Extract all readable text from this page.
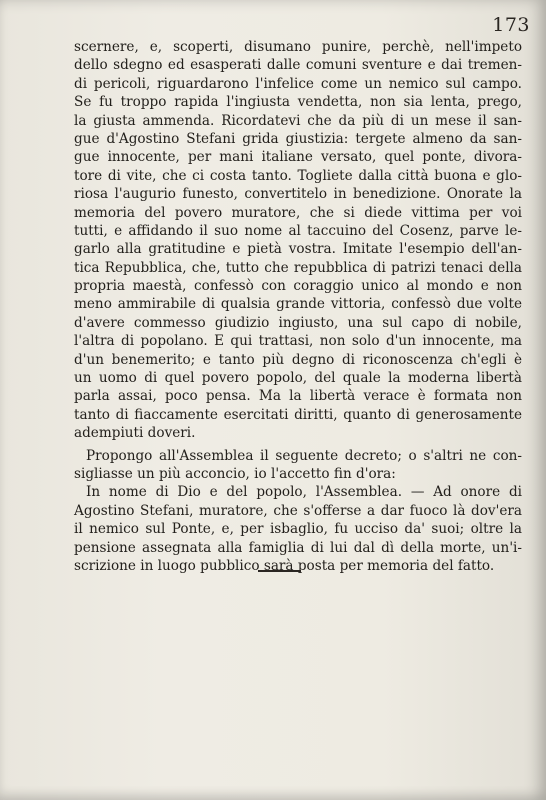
173
scernere, e, scoperti, disumano punire, perchè, nell'impeto
dello sdegno ed esasperati dalle comuni sventure e dai tremen-
di pericoli, riguardarono l'infelice come un nemico sul campo.
Se fu troppo rapida l'ingiusta vendetta, non sia lenta, prego,
la giusta ammenda. Ricordatevi che da più di un mese il san-
gue d'Agostino Stefani grida giustizia: tergete almeno da san-
gue innocente, per mani italiane versato, quel ponte, divora-
tore di vite, che ci costa tanto. Togliete dalla città buona e glo-
riosa l'augurio funesto, convertitelo in benedizione. Onorate la
memoria del povero muratore, che si diede vittima per voi
tutti, e affidando il suo nome al taccuino del Cosenz, parve le-
garlo alla gratitudine e pietà vostra. Imitate l'esempio dell'an-
tica Repubblica, che, tutto che repubblica di patrizi tenaci della
propria maestà, confessò con coraggio unico al mondo e non
meno ammirabile di qualsia grande vittoria, confessò due volte
d'avere commesso giudizio ingiusto, una sul capo di nobile,
l'altra di popolano. E qui trattasi, non solo d'un innocente, ma
d'un benemerito; e tanto più degno di riconoscenza ch'egli è
un uomo di quel povero popolo, del quale la moderna libertà
parla assai, poco pensa. Ma la libertà verace è formata non
tanto di fiaccamente esercitati diritti, quanto di generosamente
adempiuti doveri.
Propongo all'Assemblea il seguente decreto; o s'altri ne con-
sigliasse un più acconcio, io l'accetto fin d'ora:
In nome di Dio e del popolo, l'Assemblea. — Ad onore di
Agostino Stefani, muratore, che s'offerse a dar fuoco là dov'era
il nemico sul Ponte, e, per isbaglio, fu ucciso da' suoi; oltre la
pensione assegnata alla famiglia di lui dal dì della morte, un'i-
scrizione in luogo pubblico sarà posta per memoria del fatto.
